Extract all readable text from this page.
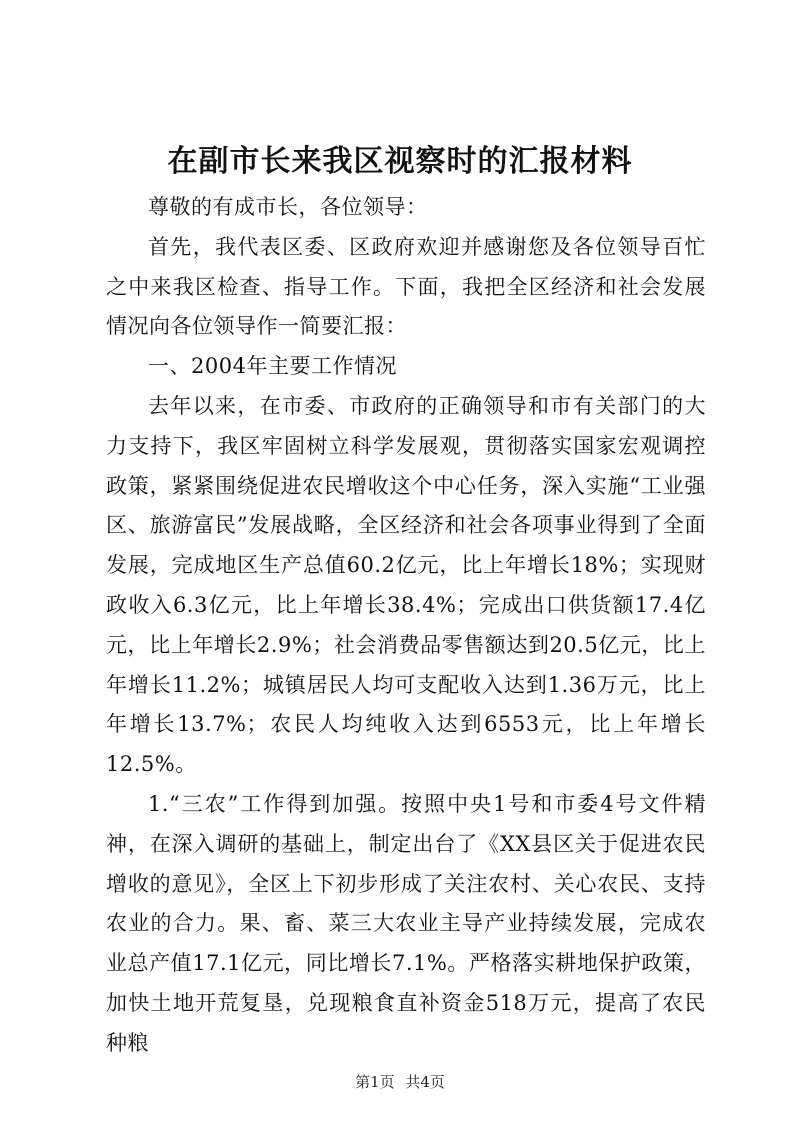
在副市长来我区视察时的汇报材料

尊敬的有成市长，各位领导：

首先，我代表区委、区政府欢迎并感谢您及各位领导百忙之中来我区检查、指导工作。下面，我把全区经济和社会发展情况向各位领导作一简要汇报：

一、2004年主要工作情况

去年以来，在市委、市政府的正确领导和市有关部门的大力支持下，我区牢固树立科学发展观，贯彻落实国家宏观调控政策，紧紧围绕促进农民增收这个中心任务，深入实施“工业强区、旅游富民”发展战略，全区经济和社会各项事业得到了全面发展，完成地区生产总值60.2亿元，比上年增长18%；实现财政收入6.3亿元，比上年增长38.4%；完成出口供货额17.4亿元，比上年增长2.9%；社会消费品零售额达到20.5亿元，比上年增长11.2%；城镇居民人均可支配收入达到1.36万元，比上年增长13.7%；农民人均纯收入达到6553元，比上年增长12.5%。

1.“三农”工作得到加强。按照中央1号和市委4号文件精神，在深入调研的基础上，制定出台了《XX县区关于促进农民增收的意见》，全区上下初步形成了关注农村、关心农民、支持农业的合力。果、畜、菜三大农业主导产业持续发展，完成农业总产值17.1亿元，同比增长7.1%。严格落实耕地保护政策，加快土地开荒复垦，兑现粮食直补资金518万元，提高了农民种粮

第1页 共4页
